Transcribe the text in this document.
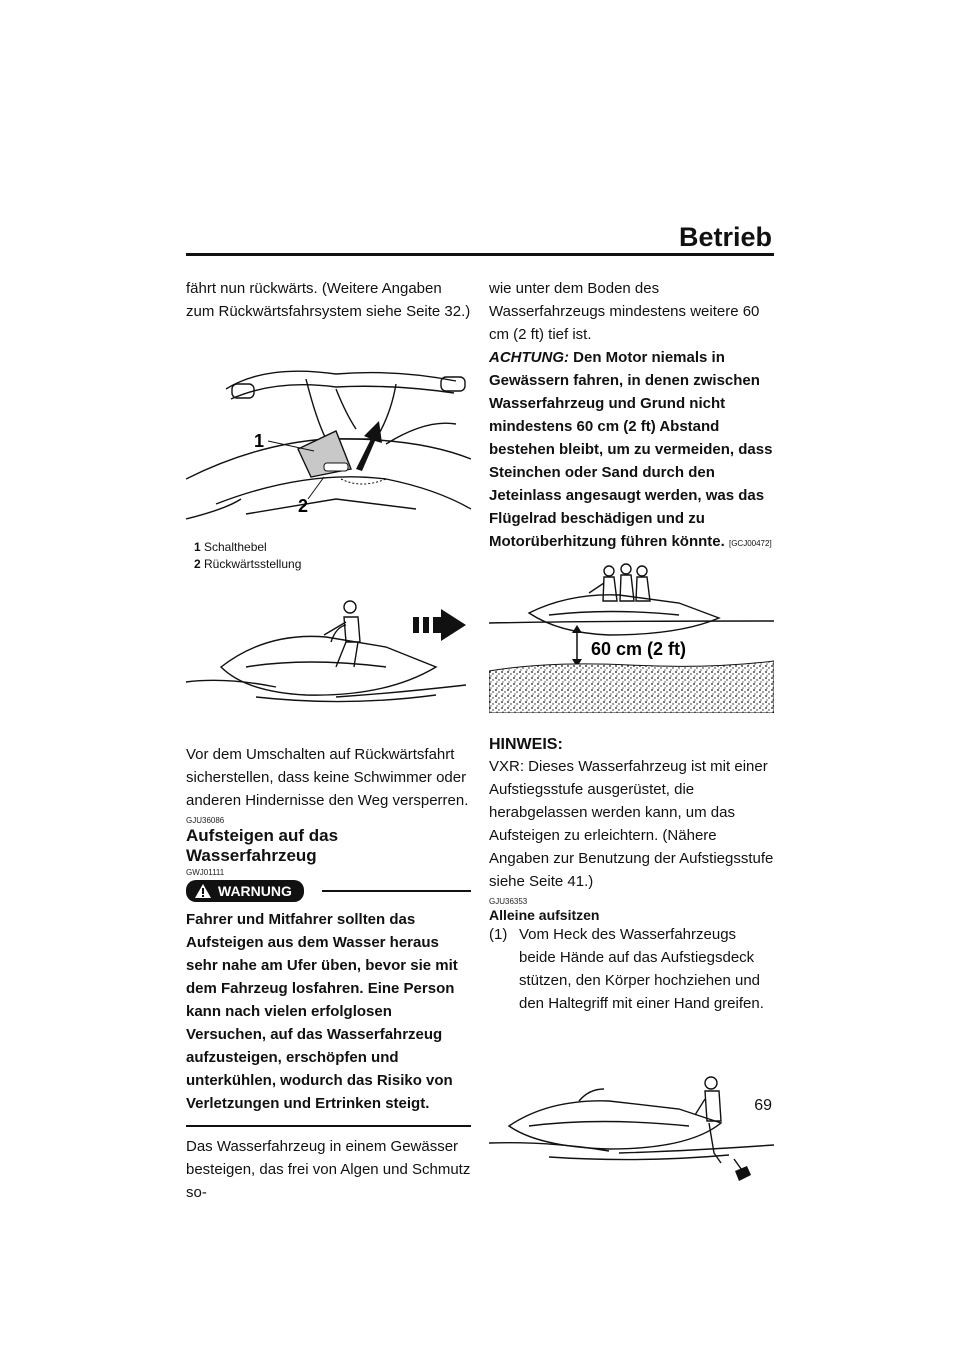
Betrieb

fährt nun rückwärts. (Weitere Angaben zum Rückwärtsfahrsystem siehe Seite 32.)

1
2
1 Schalthebel
2 Rückwärtsstellung

Vor dem Umschalten auf Rückwärtsfahrt sicherstellen, dass keine Schwimmer oder anderen Hindernisse den Weg versperren.

GJU36086
Aufsteigen auf das Wasserfahrzeug
GWJ01111
WARNUNG
Fahrer und Mitfahrer sollten das Aufsteigen aus dem Wasser heraus sehr nahe am Ufer üben, bevor sie mit dem Fahrzeug losfahren. Eine Person kann nach vielen erfolglosen Versuchen, auf das Wasserfahrzeug aufzusteigen, erschöpfen und unterkühlen, wodurch das Risiko von Verletzungen und Ertrinken steigt.

Das Wasserfahrzeug in einem Gewässer besteigen, das frei von Algen und Schmutz so-

wie unter dem Boden des Wasserfahrzeugs mindestens weitere 60 cm (2 ft) tief ist.

ACHTUNG: Den Motor niemals in Gewässern fahren, in denen zwischen Wasserfahrzeug und Grund nicht mindestens 60 cm (2 ft) Abstand bestehen bleibt, um zu vermeiden, dass Steinchen oder Sand durch den Jeteinlass angesaugt werden, was das Flügelrad beschädigen und zu Motorüberhitzung führen könnte. [GCJ00472]

60 cm (2 ft)
HINWEIS:

VXR: Dieses Wasserfahrzeug ist mit einer Aufstiegsstufe ausgerüstet, die herabgelassen werden kann, um das Aufsteigen zu erleichtern. (Nähere Angaben zur Benutzung der Aufstiegsstufe siehe Seite 41.)

GJU36353
Alleine aufsitzen
(1) Vom Heck des Wasserfahrzeugs beide Hände auf das Aufstiegsdeck stützen, den Körper hochziehen und den Haltegriff mit einer Hand greifen.
69
